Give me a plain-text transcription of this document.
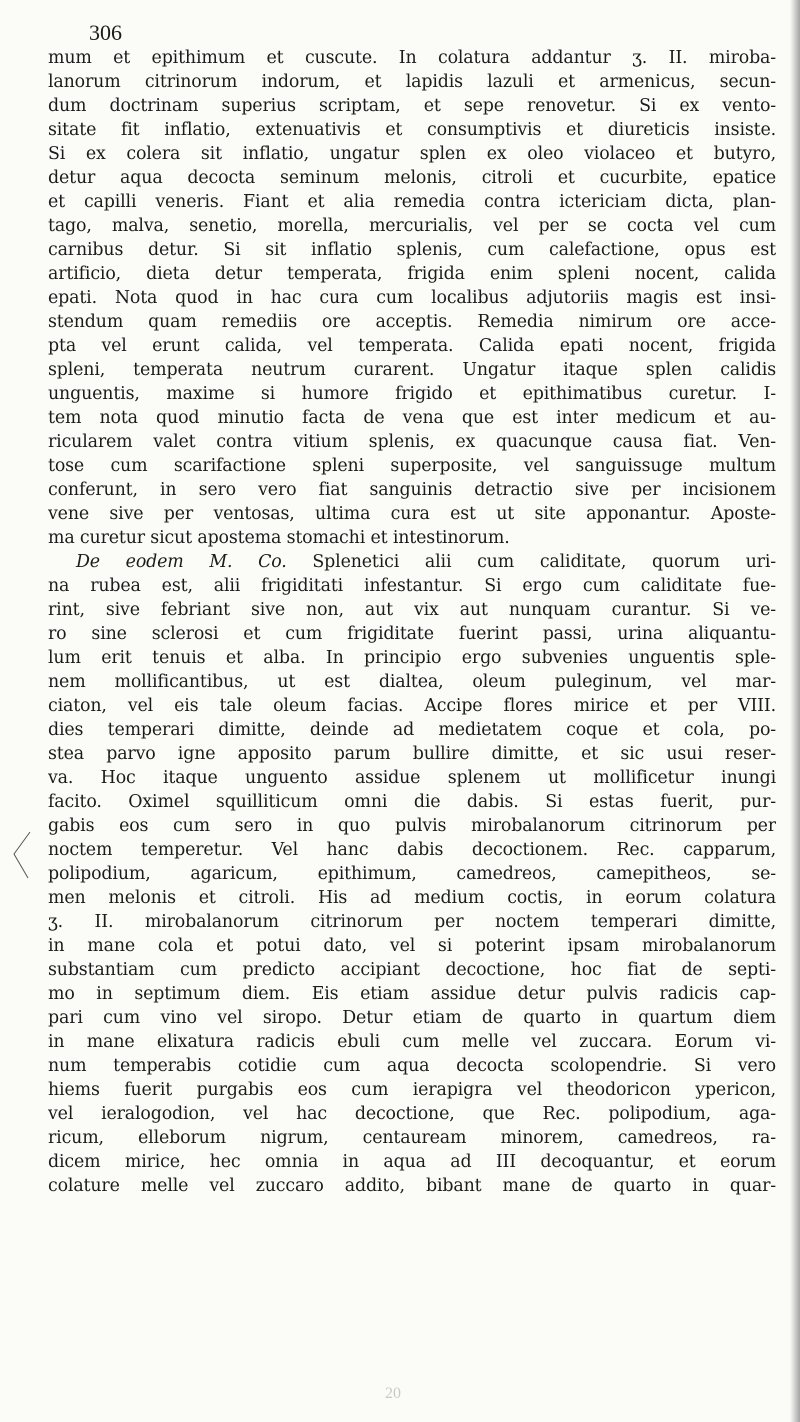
306
mum et epithimum et cuscute. In colatura addantur ʒ. II. miroba-
lanorum citrinorum indorum, et lapidis lazuli et armenicus, secun-
dum doctrinam superius scriptam, et sepe renovetur. Si ex vento-
sitate fit inflatio, extenuativis et consumptivis et diureticis insiste.
Si ex colera sit inflatio, ungatur splen ex oleo violaceo et butyro,
detur aqua decocta seminum melonis, citroli et cucurbite, epatice
et capilli veneris. Fiant et alia remedia contra ictericiam dicta, plan-
tago, malva, senetio, morella, mercurialis, vel per se cocta vel cum
carnibus detur. Si sit inflatio splenis, cum calefactione, opus est
artificio, dieta detur temperata, frigida enim spleni nocent, calida
epati. Nota quod in hac cura cum localibus adjutoriis magis est insi-
stendum quam remediis ore acceptis. Remedia nimirum ore acce-
pta vel erunt calida, vel temperata. Calida epati nocent, frigida
spleni, temperata neutrum curarent. Ungatur itaque splen calidis
unguentis, maxime si humore frigido et epithimatibus curetur. I-
tem nota quod minutio facta de vena que est inter medicum et au-
ricularem valet contra vitium splenis, ex quacunque causa fiat. Ven-
tose cum scarifactione spleni superposite, vel sanguissuge multum
conferunt, in sero vero fiat sanguinis detractio sive per incisionem
vene sive per ventosas, ultima cura est ut site apponantur. Aposte-
ma curetur sicut apostema stomachi et intestinorum.
De eodem M. Co. Splenetici alii cum caliditate, quorum uri-
na rubea est, alii frigiditati infestantur. Si ergo cum caliditate fue-
rint, sive febriant sive non, aut vix aut nunquam curantur. Si ve-
ro sine sclerosi et cum frigiditate fuerint passi, urina aliquantu-
lum erit tenuis et alba. In principio ergo subvenies unguentis sple-
nem mollificantibus, ut est dialtea, oleum puleginum, vel mar-
ciaton, vel eis tale oleum facias. Accipe flores mirice et per VIII.
dies temperari dimitte, deinde ad medietatem coque et cola, po-
stea parvo igne apposito parum bullire dimitte, et sic usui reser-
va. Hoc itaque unguento assidue splenem ut mollificetur inungi
facito. Oximel squilliticum omni die dabis. Si estas fuerit, pur-
gabis eos cum sero in quo pulvis mirobalanorum citrinorum per
noctem temperetur. Vel hanc dabis decoctionem. Rec. capparum,
polipodium, agaricum, epithimum, camedreos, camepitheos, se-
men melonis et citroli. His ad medium coctis, in eorum colatura
ʒ. II. mirobalanorum citrinorum per noctem temperari dimitte,
in mane cola et potui dato, vel si poterint ipsam mirobalanorum
substantiam cum predicto accipiant decoctione, hoc fiat de septi-
mo in septimum diem. Eis etiam assidue detur pulvis radicis cap-
pari cum vino vel siropo. Detur etiam de quarto in quartum diem
in mane elixatura radicis ebuli cum melle vel zuccara. Eorum vi-
num temperabis cotidie cum aqua decocta scolopendrie. Si vero
hiems fuerit purgabis eos cum ierapigra vel theodoricon ypericon,
vel ieralogodion, vel hac decoctione, que Rec. polipodium, aga-
ricum, elleborum nigrum, centauream minorem, camedreos, ra-
dicem mirice, hec omnia in aqua ad III decoquantur, et eorum
colature melle vel zuccaro addito, bibant mane de quarto in quar-
20
